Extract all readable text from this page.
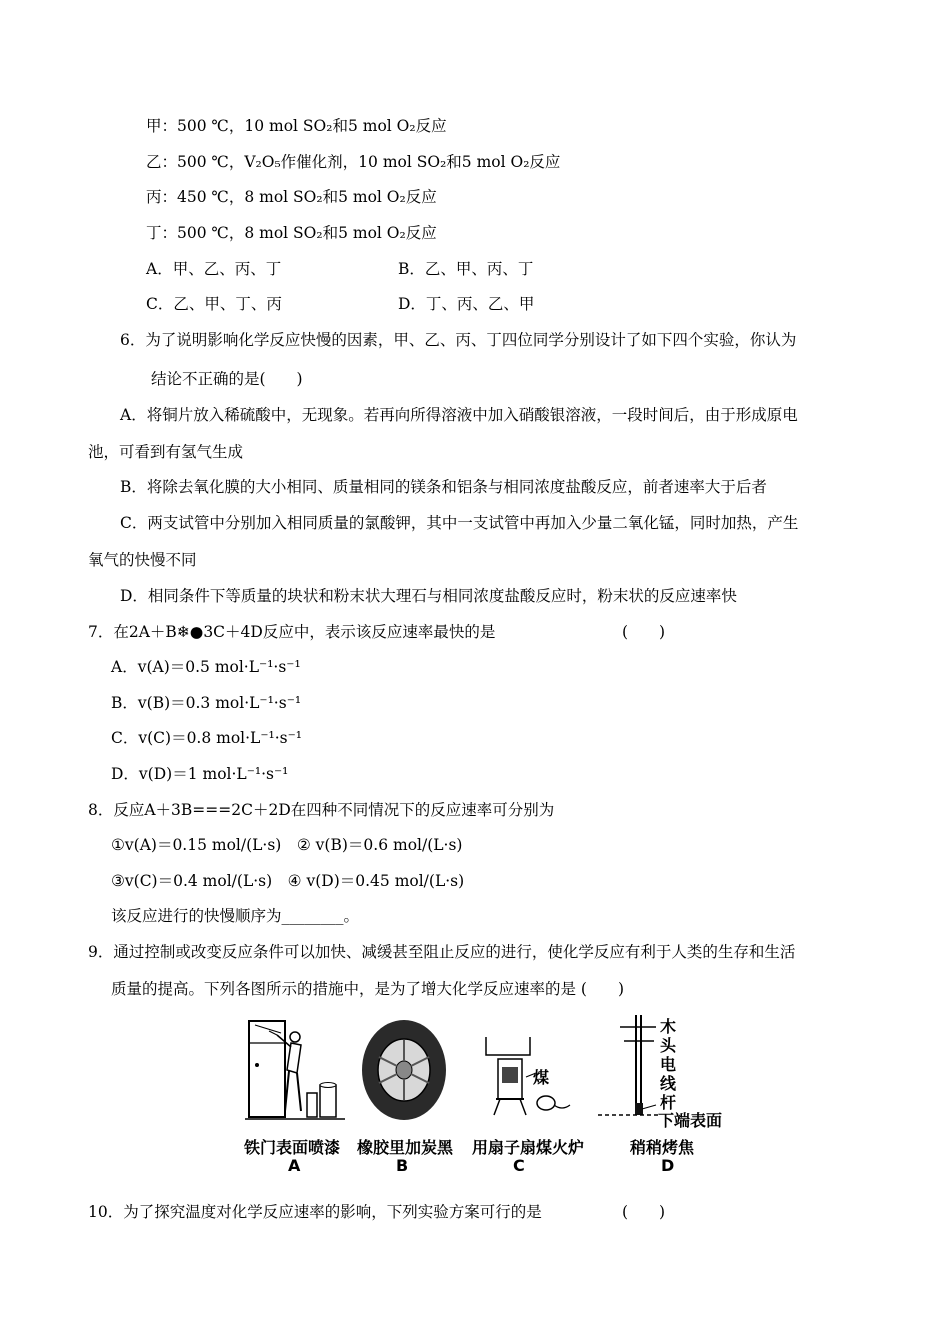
甲：500 ℃，10 mol SO₂和5 mol O₂反应
乙：500 ℃，V₂O₅作催化剂，10 mol SO₂和5 mol O₂反应
丙：450 ℃，8 mol SO₂和5 mol O₂反应
丁：500 ℃，8 mol SO₂和5 mol O₂反应
A．甲、乙、丙、丁	B．乙、甲、丙、丁
C．乙、甲、丁、丙	D．丁、丙、乙、甲
6．为了说明影响化学反应快慢的因素，甲、乙、丙、丁四位同学分别设计了如下四个实验，你认为
结论不正确的是(　　)
A．将铜片放入稀硫酸中，无现象。若再向所得溶液中加入硝酸银溶液，一段时间后，由于形成原电
池，可看到有氢气生成
B．将除去氧化膜的大小相同、质量相同的镁条和铝条与相同浓度盐酸反应，前者速率大于后者
C．两支试管中分别加入相同质量的氯酸钾，其中一支试管中再加入少量二氧化锰，同时加热，产生
氧气的快慢不同
D．相同条件下等质量的块状和粉末状大理石与相同浓度盐酸反应时，粉末状的反应速率快
7．在2A＋B❄●3C＋4D反应中，表示该反应速率最快的是	(　　)
A．v(A)＝0.5 mol·L⁻¹·s⁻¹
B．v(B)＝0.3 mol·L⁻¹·s⁻¹
C．v(C)＝0.8 mol·L⁻¹·s⁻¹
D．v(D)＝1 mol·L⁻¹·s⁻¹
8．反应A＋3B===2C＋2D在四种不同情况下的反应速率可分别为
①v(A)＝0.15 mol/(L·s)　② v(B)＝0.6 mol/(L·s)
③v(C)＝0.4 mol/(L·s)　④ v(D)＝0.45 mol/(L·s)
该反应进行的快慢顺序为________。
9．通过控制或改变反应条件可以加快、减缓甚至阻止反应的进行，使化学反应有利于人类的生存和生活
质量的提高。下列各图所示的措施中，是为了增大化学反应速率的是 (　　)
煤
木头电线杆
下端表面
铁门表面喷漆 橡胶里加炭黑 用扇子扇煤火炉	稍稍烤焦
A	B	C	D
10．为了探究温度对化学反应速率的影响，下列实验方案可行的是	(　　)
